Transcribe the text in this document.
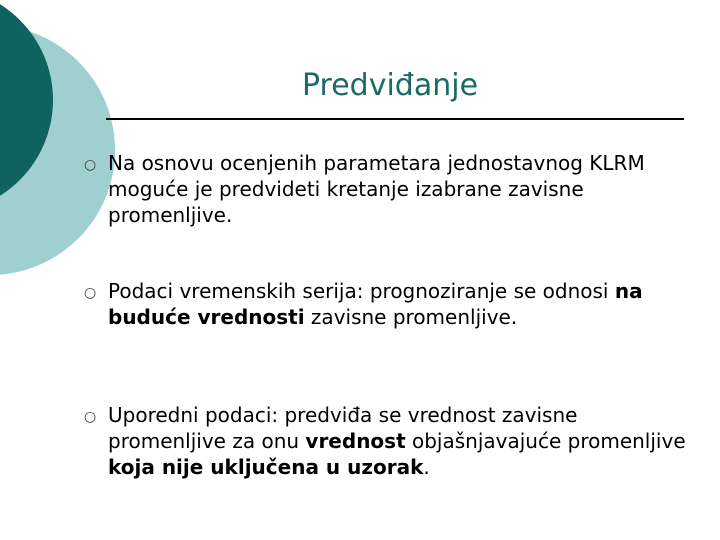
Predviđanje
○ Na osnovu ocenjenih parametara jednostavnog KLRM moguće je predvideti kretanje izabrane zavisne promenljive.
○ Podaci vremenskih serija: prognoziranje se odnosi na buduće vrednosti zavisne promenljive.
○ Uporedni podaci: predviđa se vrednost zavisne promenljive za onu vrednost objašnjavajuće promenljive koja nije uključena u uzorak.
